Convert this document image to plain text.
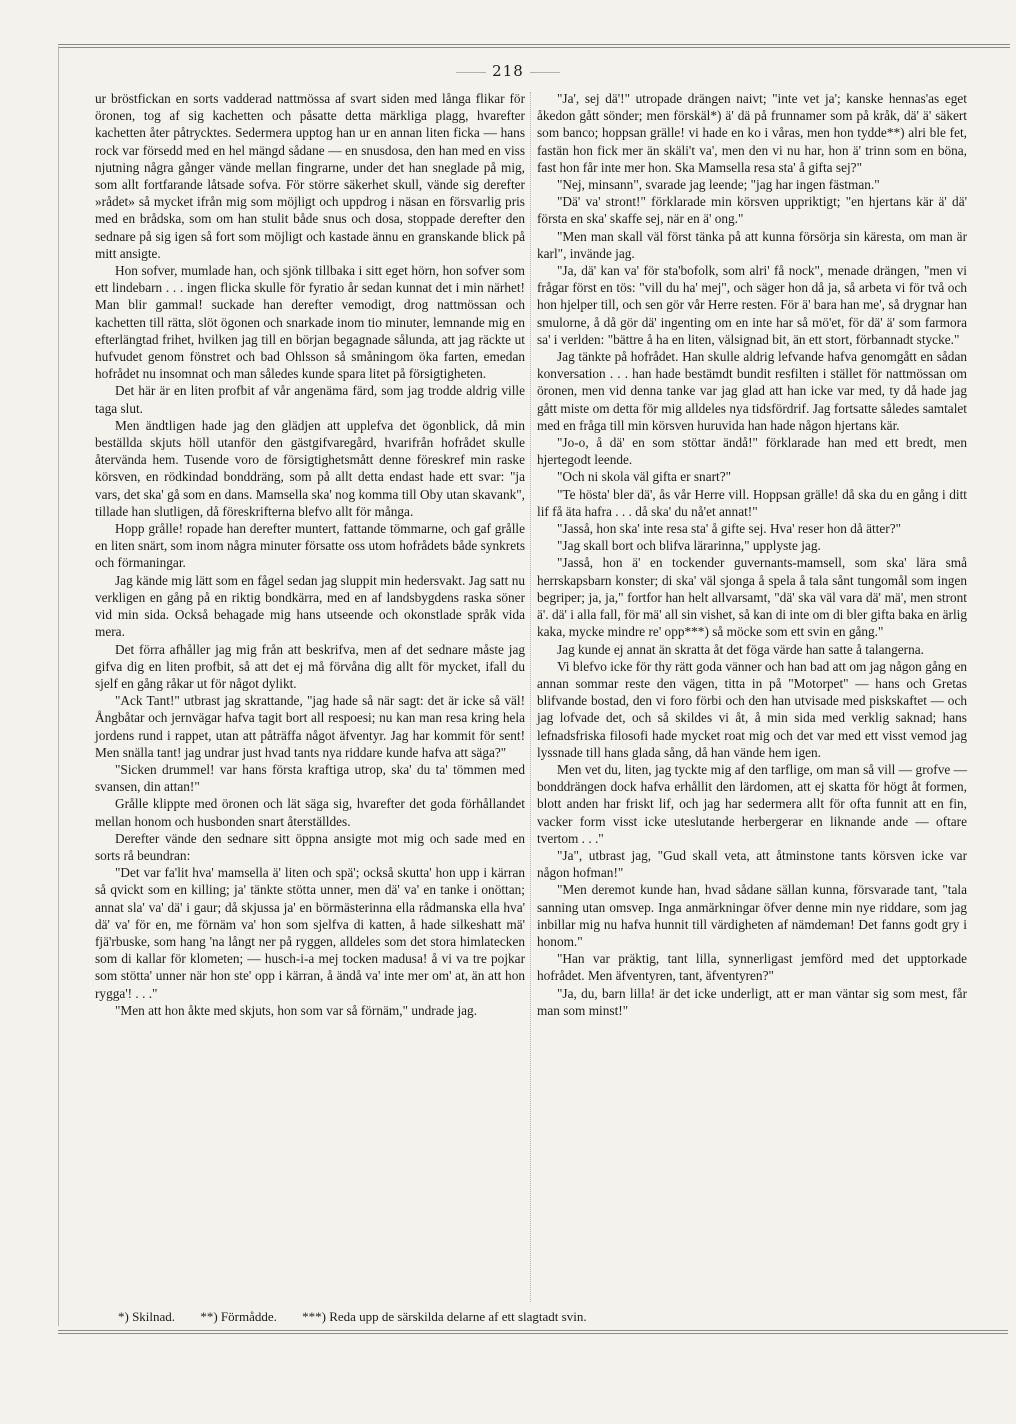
218

ur bröstfickan en sorts vadderad nattmössa af svart siden med långa flikar för öronen, tog af sig kachetten och påsatte detta märkliga plagg, hvarefter kachetten åter påtrycktes. Sedermera upptog han ur en annan liten ficka — hans rock var försedd med en hel mängd sådane — en snusdosa, den han med en viss njutning några gånger vände mellan fingrarne, under det han sneglade på mig, som allt fortfarande låtsade sofva. För större säkerhet skull, vände sig derefter »rådet» så mycket ifrån mig som möjligt och uppdrog i näsan en försvarlig pris med en brådska, som om han stulit både snus och dosa, stoppade derefter den sednare på sig igen så fort som möjligt och kastade ännu en granskande blick på mitt ansigte.

Hon sofver, mumlade han, och sjönk tillbaka i sitt eget hörn, hon sofver som ett lindebarn . . . ingen flicka skulle för fyratio år sedan kunnat det i min närhet! Man blir gammal! suckade han derefter vemodigt, drog nattmössan och kachetten till rätta, slöt ögonen och snarkade inom tio minuter, lemnande mig en efterlängtad frihet, hvilken jag till en början begagnade sålunda, att jag räckte ut hufvudet genom fönstret och bad Ohlsson så småningom öka farten, emedan hofrådet nu insomnat och man således kunde spara litet på försigtigheten.

Det här är en liten profbit af vår angenäma färd, som jag trodde aldrig ville taga slut.

Men ändtligen hade jag den glädjen att upplefva det ögonblick, då min beställda skjuts höll utanför den gästgifvaregård, hvarifrån hofrådet skulle återvända hem. Tusende voro de försigtighetsmått denne föreskref min raske körsven, en rödkindad bonddräng, som på allt detta endast hade ett svar: "ja vars, det ska' gå som en dans. Mamsella ska' nog komma till Oby utan skavank", tillade han slutligen, då föreskrifterna blefvo allt för många.

Hopp grålle! ropade han derefter muntert, fattande tömmarne, och gaf grålle en liten snärt, som inom några minuter försatte oss utom hofrådets både synkrets och förmaningar.

Jag kände mig lätt som en fågel sedan jag sluppit min hedersvakt. Jag satt nu verkligen en gång på en riktig bondkärra, med en af landsbygdens raska söner vid min sida. Också behagade mig hans utseende och okonstlade språk vida mera.

Det förra afhåller jag mig från att beskrifva, men af det sednare måste jag gifva dig en liten profbit, så att det ej må förvåna dig allt för mycket, ifall du sjelf en gång råkar ut för något dylikt.

"Ack Tant!" utbrast jag skrattande, "jag hade så när sagt: det är icke så väl! Ångbåtar och jernvägar hafva tagit bort all respoesi; nu kan man resa kring hela jordens rund i rappet, utan att påträffa något äfventyr. Jag har kommit för sent! Men snälla tant! jag undrar just hvad tants nya riddare kunde hafva att säga?"

"Sicken drummel! var hans första kraftiga utrop, ska' du ta' tömmen med svansen, din attan!"

Grålle klippte med öronen och lät säga sig, hvarefter det goda förhållandet mellan honom och husbonden snart återställdes.

Derefter vände den sednare sitt öppna ansigte mot mig och sade med en sorts rå beundran:

"Det var fa'lit hva' mamsella ä' liten och spä'; också skutta' hon upp i kärran så qvickt som en killing; ja' tänkte stötta unner, men dä' va' en tanke i onöttan; annat sla' va' dä' i gaur; då skjussa ja' en börmästerinna ella rådmanska ella hva' dä' va' för en, me förnäm va' hon som sjelfva di katten, å hade silkeshatt mä' fjä'rbuske, som hang 'na långt ner på ryggen, alldeles som det stora himlatecken som di kallar för klometen; — husch-i-a mej tocken madusa! å vi va tre pojkar som stötta' unner när hon ste' opp i kärran, å ändå va' inte mer om' at, än att hon rygga'! . . ."

"Men att hon åkte med skjuts, hon som var så förnäm," undrade jag.

"Ja', sej dä'!" utropade drängen naivt; "inte vet ja'; kanske hennas'as eget åkedon gått sönder; men förskäl*) ä' dä på frunnamer som på kråk, dä' ä' säkert som banco; hoppsan grälle! vi hade en ko i våras, men hon tydde**) alri ble fet, fastän hon fick mer än skäli't va', men den vi nu har, hon ä' trinn som en böna, fast hon får inte mer hon. Ska Mamsella resa sta' å gifta sej?"

"Nej, minsann", svarade jag leende; "jag har ingen fästman."

"Dä' va' stront!" förklarade min körsven uppriktigt; "en hjertans kär ä' dä' första en ska' skaffe sej, när en ä' ong."

"Men man skall väl först tänka på att kunna försörja sin käresta, om man är karl", invände jag.

"Ja, dä' kan va' för sta'bofolk, som alri' få nock", menade drängen, "men vi frågar först en tös: "vill du ha' mej", och säger hon då ja, så arbeta vi för två och hon hjelper till, och sen gör vår Herre resten. För ä' bara han me', så drygnar han smulorne, å då gör dä' ingenting om en inte har så mö'et, för dä' ä' som farmora sa' i verlden: "bättre å ha en liten, välsignad bit, än ett stort, förbannadt stycke."

Jag tänkte på hofrådet. Han skulle aldrig lefvande hafva genomgått en sådan konversation . . . han hade bestämdt bundit resfilten i stället för nattmössan om öronen, men vid denna tanke var jag glad att han icke var med, ty då hade jag gått miste om detta för mig alldeles nya tidsfördrif. Jag fortsatte således samtalet med en fråga till min körsven huruvida han hade någon hjertans kär.

"Jo-o, å dä' en som stöttar ändå!" förklarade han med ett bredt, men hjertegodt leende.

"Och ni skola väl gifta er snart?"

"Te hösta' bler dä', ås vår Herre vill. Hoppsan grälle! då ska du en gång i ditt lif få äta hafra . . . då ska' du nå'et annat!"

"Jasså, hon ska' inte resa sta' å gifte sej. Hva' reser hon då ätter?"

"Jag skall bort och blifva lärarinna," upplyste jag.

"Jasså, hon ä' en tockender guvernants-mamsell, som ska' lära små herrskapsbarn konster; di ska' väl sjonga å spela å tala sånt tungomål som ingen begriper; ja, ja," fortfor han helt allvarsamt, "dä' ska väl vara dä' mä', men stront ä'. dä' i alla fall, för mä' all sin vishet, så kan di inte om di bler gifta baka en ärlig kaka, mycke mindre re' opp***) så möcke som ett svin en gång."

Jag kunde ej annat än skratta åt det föga värde han satte å talangerna.

Vi blefvo icke för thy rätt goda vänner och han bad att om jag någon gång en annan sommar reste den vägen, titta in på "Motorpet" — hans och Gretas blifvande bostad, den vi foro förbi och den han utvisade med piskskaftet — och jag lofvade det, och så skildes vi åt, å min sida med verklig saknad; hans lefnadsfriska filosofi hade mycket roat mig och det var med ett visst vemod jag lyssnade till hans glada sång, då han vände hem igen.

Men vet du, liten, jag tyckte mig af den tarflige, om man så vill — grofve — bonddrängen dock hafva erhållit den lärdomen, att ej skatta för högt åt formen, blott anden har friskt lif, och jag har sedermera allt för ofta funnit att en fin, vacker form visst icke uteslutande herbergerar en liknande ande — oftare tvertom . . ."

"Ja", utbrast jag, "Gud skall veta, att åtminstone tants körsven icke var någon hofman!"

"Men deremot kunde han, hvad sådane sällan kunna, försvarade tant, "tala sanning utan omsvep. Inga anmärkningar öfver denne min nye riddare, som jag inbillar mig nu hafva hunnit till värdigheten af nämdeman! Det fanns godt gry i honom."

"Han var präktig, tant lilla, synnerligast jemförd med det upptorkade hofrådet. Men äfventyren, tant, äfventyren?"

"Ja, du, barn lilla! är det icke underligt, att er man väntar sig som mest, får man som minst!"

*) Skilnad. **) Förmådde. ***) Reda upp de särskilda delarne af ett slagtadt svin.
